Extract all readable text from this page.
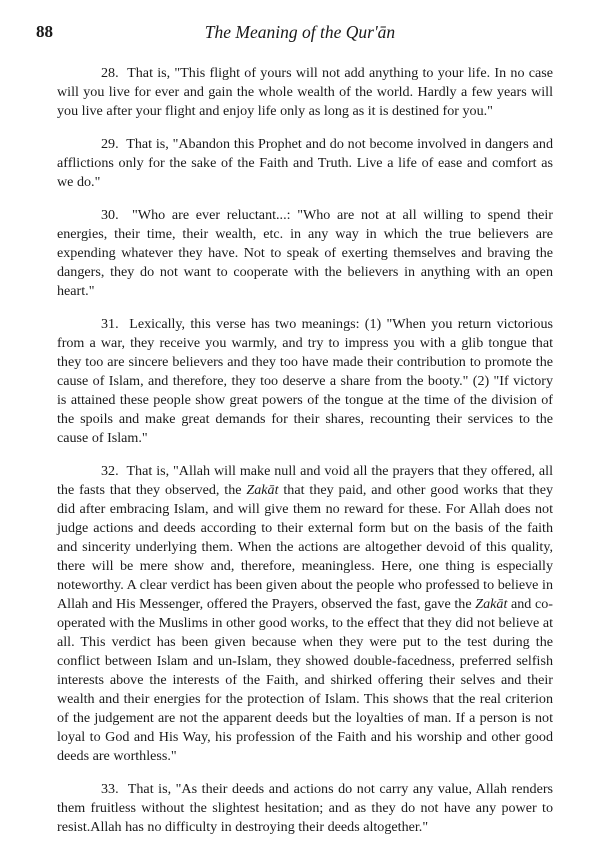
88	The Meaning of the Qur'ān

28. That is, "This flight of yours will not add anything to your life. In no case will you live for ever and gain the whole wealth of the world. Hardly a few years will you live after your flight and enjoy life only as long as it is destined for you."

29. That is, "Abandon this Prophet and do not become involved in dangers and afflictions only for the sake of the Faith and Truth. Live a life of ease and comfort as we do."

30. "Who are ever reluctant...: "Who are not at all willing to spend their energies, their time, their wealth, etc. in any way in which the true believers are expending whatever they have. Not to speak of exerting themselves and braving the dangers, they do not want to cooperate with the believers in anything with an open heart."

31. Lexically, this verse has two meanings: (1) "When you return victorious from a war, they receive you warmly, and try to impress you with a glib tongue that they too are sincere believers and they too have made their contribution to promote the cause of Islam, and therefore, they too deserve a share from the booty." (2) "If victory is attained these people show great powers of the tongue at the time of the division of the spoils and make great demands for their shares, recounting their services to the cause of Islam."

32. That is, "Allah will make null and void all the prayers that they offered, all the fasts that they observed, the Zakāt that they paid, and other good works that they did after embracing Islam, and will give them no reward for these. For Allah does not judge actions and deeds according to their external form but on the basis of the faith and sincerity underlying them. When the actions are altogether devoid of this quality, there will be mere show and, therefore, meaningless. Here, one thing is especially noteworthy. A clear verdict has been given about the people who professed to believe in Allah and His Messenger, offered the Prayers, observed the fast, gave the Zakāt and co-operated with the Muslims in other good works, to the effect that they did not believe at all. This verdict has been given because when they were put to the test during the conflict between Islam and un-Islam, they showed double-facedness, preferred selfish interests above the interests of the Faith, and shirked offering their selves and their wealth and their energies for the protection of Islam. This shows that the real criterion of the judgement are not the apparent deeds but the loyalties of man. If a person is not loyal to God and His Way, his profession of the Faith and his worship and other good deeds are worthless."

33. That is, "As their deeds and actions do not carry any value, Allah renders them fruitless without the slightest hesitation; and as they do not have any power to resist.Allah has no difficulty in destroying their deeds altogether."
